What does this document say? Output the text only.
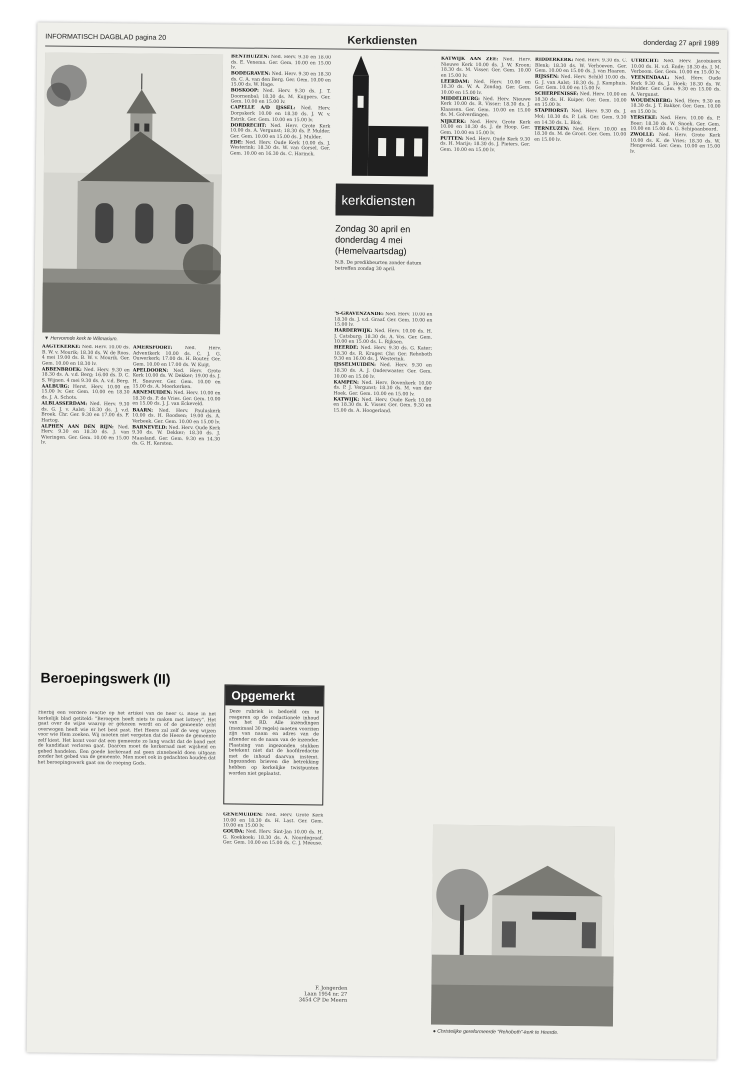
INFORMATISCH DAGBLAD pagina 20	Kerkdiensten	donderdag 27 april 1989
▼ Hervormde kerk te Wilmarium.

AAGTEKERKE: Ned. Herv. 10.00 ds. B. W. v. Mourik; 18.30 ds. W. de Roos. 4 mei 19.00 ds. B. W. v. Mourik. Ger. Gem. 10.00 en 18.30 lv.

ABBENBROEK: Ned. Herv. 9.30 en 18.30 ds. A. v.d. Berg; 16.00 ds. D. C. S. Wijnen. 4 mei 9.30 ds. A. v.d. Berg.

AALBURG: Herst. Herv. 10.00 en 15.00 lv. Ger. Gem. 10.00 en 18.30 ds. J. A. Schots.

ALBLASSERDAM: Ned. Herv. 9.30 ds. G. J. v. Aalst; 18.30 ds. J. v.d. Broek. Chr. Ger. 9.30 en 17.00 ds. F. Hartog.

ALPHEN AAN DEN RIJN: Ned. Herv. 9.30 en 18.30 ds. J. van Wieringen. Ger. Gem. 10.00 en 15.00 lv.

AMERSFOORT: Ned. Herv. Adventkerk 10.00 ds. C. J. G. Ouwerkerk; 17.00 ds. H. Bouter. Ger. Gem. 10.00 en 17.00 ds. W. Kuijt.

APELDOORN: Ned. Herv. Grote Kerk 10.00 ds. W. Dekker; 19.00 ds. J. H. Sneuver. Ger. Gem. 10.00 en 15.00 ds. A. Moerkerken.

ARNEMUIDEN: Ned. Herv. 10.00 en 18.30 ds. P. de Vries. Ger. Gem. 10.00 en 15.00 ds. J. J. van Eckeveld.

BAARN: Ned. Herv. Pauluskerk 10.00 ds. H. Roodsen; 19.00 ds. A. Verbeek. Ger. Gem. 10.00 en 15.00 lv.

BARNEVELD: Ned. Herv. Oude Kerk 9.30 ds. W. Dekker; 18.30 ds. J. Maasland. Ger. Gem. 9.30 en 14.30 ds. G. H. Kersten.

Beroepingswerk (II)

Hierbij een verdere reactie op het artikel van de heer G. Rose in het kerkelijk blad getiteld: "Beroepen heeft niets te maken met lottery". Het gaat over de wijze waarop er gekozen wordt en of de gemeente echt overwogen heeft wie er het best past. Het Heere zal zelf de weg wijzen voor wie Hem zoeken. Wij moeten niet vergeten dat de Heere de gemeente zelf kiest. Het komt voor dat een gemeente zo lang wacht dat de band met de kandidaat verloren gaat. Daarom moet de kerkeraad met wijsheid en gebed handelen. Een goede kerkeraad zal geen zinnebeeld doen uitgaan zonder het gebed van de gemeente. Men moet ook in gedachten houden dat het beroepingswerk gaat om de roeping Gods.

F. Jongerden
Laan 1954 nr. 27
3454 CP De Meern
Opgemerkt
Deze rubriek is bedoeld om te reageren op de redactionele inhoud van het RD. Alle inzendingen (maximaal 30 regels) moeten voorzien zijn van naam en adres van de afzender en de naam van de inzender. Plaatsing van ingezonden stukken betekent niet dat de hoofdredactie met de inhoud daarvan instemt. Ingezonden brieven die betrekking hebben op kerkelijke twistpunten worden niet geplaatst.

BENTHUIZEN: Ned. Herv. 9.30 en 18.00 ds. E. Venema. Ger. Gem. 10.00 en 15.00 lv.

BODEGRAVEN: Ned. Herv. 9.30 en 18.30 ds. C. A. van den Berg. Ger. Gem. 10.00 en 15.00 ds. W. Hage.

BOSKOOP: Ned. Herv. 9.30 ds. J. T. Doornenbal; 18.30 ds. M. Kuijpers. Ger. Gem. 10.00 en 15.00 lv.

CAPELLE A/D IJSSEL: Ned. Herv. Dorpskerk 10.00 en 18.30 ds. J. W. v. Estrik. Ger. Gem. 10.00 en 15.00 lv.

DORDRECHT: Ned. Herv. Grote Kerk 10.00 ds. A. Vergunst; 18.30 ds. P. Mulder. Ger. Gem. 10.00 en 15.00 ds. J. Mulder.

EDE: Ned. Herv. Oude Kerk 10.00 ds. J. Westerink; 18.30 ds. W. van Gorsel. Ger. Gem. 10.00 en 16.30 ds. C. Harinck.

GENEMUIDEN: Ned. Herv. Grote Kerk 10.00 en 18.30 ds. H. Last. Ger. Gem. 10.00 en 15.00 lv.

GOUDA: Ned. Herv. Sint-Jan 10.00 ds. H. G. Koekkoek; 18.30 ds. A. Noordegraaf. Ger. Gem. 10.00 en 15.00 ds. C. J. Meeuse.

kerkdiensten
Zondag 30 april en donderdag 4 mei (Hemelvaartsdag)
N.B. De predikbeurten zonder datum betreffen zondag 30 april.

'S-GRAVENZANDE: Ned. Herv. 10.00 en 18.30 ds. J. v.d. Graaf. Ger. Gem. 10.00 en 15.00 lv.

HARDERWIJK: Ned. Herv. 10.00 ds. H. J. Catsburg; 18.30 ds. A. Vos. Ger. Gem. 10.00 en 15.00 ds. L. Rijksen.

HEERDE: Ned. Herv. 9.30 ds. G. Kater; 18.30 ds. R. Kruger. Chr. Ger. Rehoboth 9.30 en 16.00 ds. J. Westerink.

IJSSELMUIDEN: Ned. Herv. 9.30 en 18.30 ds. A. J. Onderwaater. Ger. Gem. 10.00 en 15.00 lv.

KAMPEN: Ned. Herv. Bovenkerk 10.00 ds. P. J. Vergunst; 18.30 ds. M. van der Hoek. Ger. Gem. 10.00 en 15.00 lv.

KATWIJK: Ned. Herv. Oude Kerk 10.00 en 18.30 ds. K. Visser. Ger. Gem. 9.30 en 15.00 ds. A. Hoogerland.

KATWIJK AAN ZEE: Ned. Herv. Nieuwe Kerk 10.00 ds. J. W. Kroon; 18.30 ds. M. Visser. Ger. Gem. 10.00 en 15.00 lv.

LEERDAM: Ned. Herv. 10.00 en 18.30 ds. W. A. Zondag. Ger. Gem. 10.00 en 15.00 lv.

MIDDELBURG: Ned. Herv. Nieuwe Kerk 10.00 ds. R. Visser; 18.30 ds. J. Klaassen. Ger. Gem. 10.00 en 15.00 ds. M. Golverdingen.

NIJKERK: Ned. Herv. Grote Kerk 10.00 en 18.30 ds. J. de Hoop. Ger. Gem. 10.00 en 15.00 lv.

PUTTEN: Ned. Herv. Oude Kerk 9.30 ds. H. Marijs; 18.30 ds. J. Pieters. Ger. Gem. 10.00 en 15.00 lv.

RIDDERKERK: Ned. Herv. 9.30 ds. C. Blenk; 18.30 ds. W. Verhoeven. Ger. Gem. 10.00 en 15.00 ds. J. van Haaren.

RIJSSEN: Ned. Herv. Schild 10.00 ds. G. J. van Aalst; 18.30 ds. J. Kamphuis. Ger. Gem. 10.00 en 15.00 lv.

SCHERPENISSE: Ned. Herv. 10.00 en 18.30 ds. H. Kuiper. Ger. Gem. 10.00 en 15.00 lv.

STAPHORST: Ned. Herv. 9.30 ds. J. Mol; 18.30 ds. P. Lok. Ger. Gem. 9.30 en 14.30 ds. L. Blok.

TERNEUZEN: Ned. Herv. 10.00 en 18.30 ds. M. de Groot. Ger. Gem. 10.00 en 15.00 lv.

UTRECHT: Ned. Herv. Jacobikerk 10.00 ds. H. v.d. Ende; 18.30 ds. J. M. Verboom. Ger. Gem. 10.00 en 15.00 lv.

VEENENDAAL: Ned. Herv. Oude Kerk 9.30 ds. J. Hoek; 18.30 ds. W. Mulder. Ger. Gem. 9.30 en 15.00 ds. A. Vergunst.

WOUDENBERG: Ned. Herv. 9.30 en 18.30 ds. J. T. Bakker. Ger. Gem. 10.00 en 15.00 lv.

YERSEKE: Ned. Herv. 10.00 ds. P. Boer; 18.30 ds. W. Snoek. Ger. Gem. 10.00 en 15.00 ds. G. Schipaanboord.

ZWOLLE: Ned. Herv. Grote Kerk 10.00 ds. K. de Vries; 18.30 ds. W. Hengeveld. Ger. Gem. 10.00 en 15.00 lv.

● Christelijke gereformeerde "Rehoboth"-kerk te Heerde.
